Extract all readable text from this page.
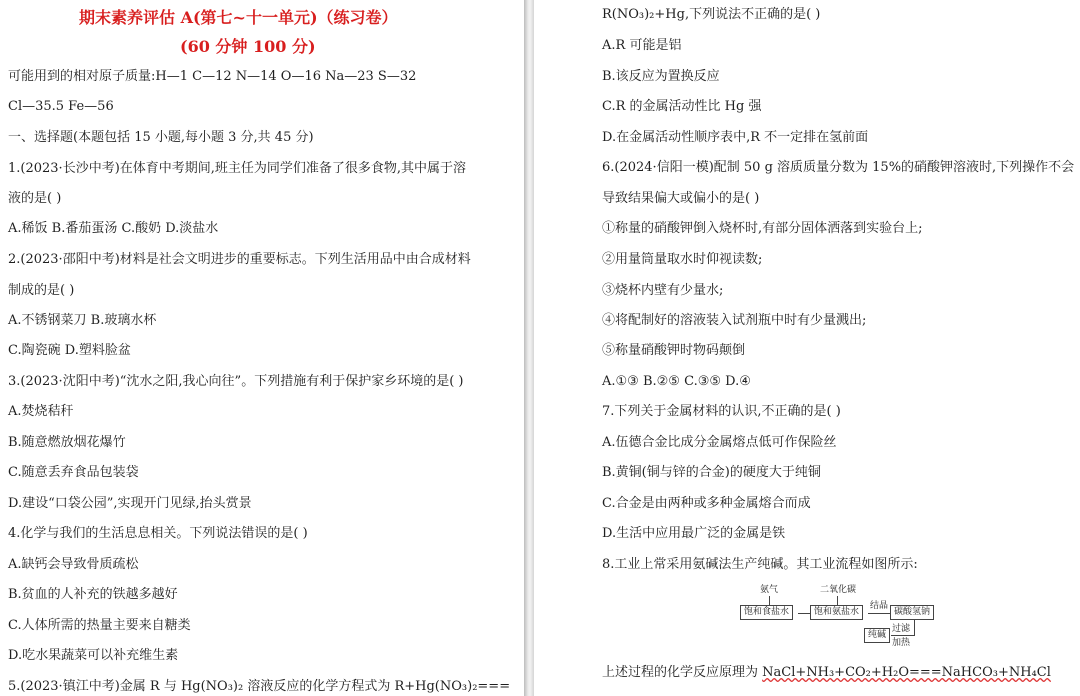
期末素养评估 A(第七~十一单元)（练习卷）
(60 分钟 100 分)
可能用到的相对原子质量:H—1 C—12 N—14 O—16 Na—23 S—32
Cl—35.5 Fe—56
一、选择题(本题包括 15 小题,每小题 3 分,共 45 分)
1.(2023·长沙中考)在体育中考期间,班主任为同学们准备了很多食物,其中属于溶
液的是( )
A.稀饭 B.番茄蛋汤 C.酸奶 D.淡盐水
2.(2023·邵阳中考)材料是社会文明进步的重要标志。下列生活用品中由合成材料
制成的是( )
A.不锈钢菜刀 B.玻璃水杯
C.陶瓷碗 D.塑料脸盆
3.(2023·沈阳中考)“沈水之阳,我心向往”。下列措施有利于保护家乡环境的是( )
A.焚烧秸秆
B.随意燃放烟花爆竹
C.随意丢弃食品包装袋
D.建设“口袋公园”,实现开门见绿,抬头赏景
4.化学与我们的生活息息相关。下列说法错误的是( )
A.缺钙会导致骨质疏松
B.贫血的人补充的铁越多越好
C.人体所需的热量主要来自糖类
D.吃水果蔬菜可以补充维生素
5.(2023·镇江中考)金属 R 与 Hg(NO₃)₂ 溶液反应的化学方程式为 R+Hg(NO₃)₂===
R(NO₃)₂+Hg,下列说法不正确的是( )
A.R 可能是铝
B.该反应为置换反应
C.R 的金属活动性比 Hg 强
D.在金属活动性顺序表中,R 不一定排在氢前面
6.(2024·信阳一模)配制 50 g 溶质质量分数为 15%的硝酸钾溶液时,下列操作不会
导致结果偏大或偏小的是( )
①称量的硝酸钾倒入烧杯时,有部分固体洒落到实验台上;
②用量筒量取水时仰视读数;
③烧杯内壁有少量水;
④将配制好的溶液装入试剂瓶中时有少量溅出;
⑤称量硝酸钾时物码颠倒
A.①③ B.②⑤ C.③⑤ D.④
7.下列关于金属材料的认识,不正确的是( )
A.伍德合金比成分金属熔点低可作保险丝
B.黄铜(铜与锌的合金)的硬度大于纯铜
C.合金是由两种或多种金属熔合而成
D.生活中应用最广泛的金属是铁
8.工业上常采用氨碱法生产纯碱。其工业流程如图所示:
上述过程的化学反应原理为 NaCl+NH₃+CO₂+H₂O===NaHCO₃+NH₄Cl
氨气	二氧化碳
饱和食盐水	饱和氨盐水
结晶
碳酸氢钠
过滤
加热
纯碱
